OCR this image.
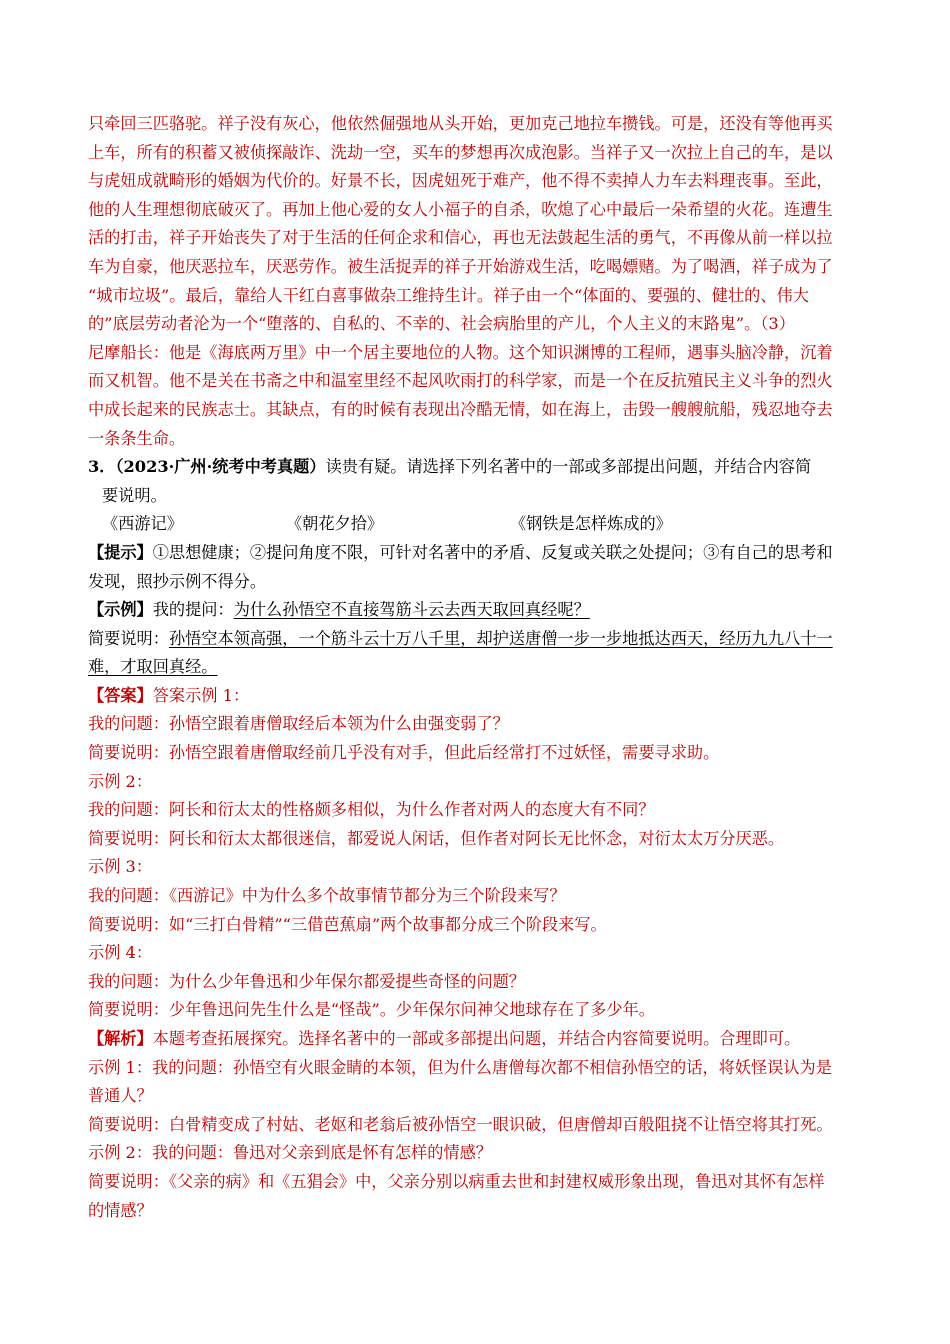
只牵回三匹骆驼。祥子没有灰心，他依然倔强地从头开始，更加克己地拉车攒钱。可是，还没有等他再买
上车，所有的积蓄又被侦探敲诈、洗劫一空，买车的梦想再次成泡影。当祥子又一次拉上自己的车，是以
与虎妞成就畸形的婚姻为代价的。好景不长，因虎妞死于难产，他不得不卖掉人力车去料理丧事。至此，
他的人生理想彻底破灭了。再加上他心爱的女人小福子的自杀，吹熄了心中最后一朵希望的火花。连遭生
活的打击，祥子开始丧失了对于生活的任何企求和信心，再也无法鼓起生活的勇气，不再像从前一样以拉
车为自豪，他厌恶拉车，厌恶劳作。被生活捉弄的祥子开始游戏生活，吃喝嫖赌。为了喝酒，祥子成为了
“城市垃圾”。最后，靠给人干红白喜事做杂工维持生计。祥子由一个“体面的、要强的、健壮的、伟大
的”底层劳动者沦为一个“堕落的、自私的、不幸的、社会病胎里的产儿，个人主义的末路鬼”。（3）
尼摩船长：他是《海底两万里》中一个居主要地位的人物。这个知识渊博的工程师，遇事头脑冷静，沉着
而又机智。他不是关在书斋之中和温室里经不起风吹雨打的科学家，而是一个在反抗殖民主义斗争的烈火
中成长起来的民族志士。其缺点，有的时候有表现出冷酷无情，如在海上，击毁一艘艘航船，残忍地夺去
一条条生命。
3．（2023·广州·统考中考真题）读贵有疑。请选择下列名著中的一部或多部提出问题，并结合内容简
要说明。
《西游记》	《朝花夕拾》	《钢铁是怎样炼成的》
【提示】①思想健康；②提问角度不限，可针对名著中的矛盾、反复或关联之处提问；③有自己的思考和
发现，照抄示例不得分。
【示例】我的提问：为什么孙悟空不直接驾筋斗云去西天取回真经呢？
简要说明：孙悟空本领高强，一个筋斗云十万八千里，却护送唐僧一步一步地抵达西天，经历九九八十一
难，才取回真经。
【答案】答案示例 1：
我的问题：孙悟空跟着唐僧取经后本领为什么由强变弱了？
简要说明：孙悟空跟着唐僧取经前几乎没有对手，但此后经常打不过妖怪，需要寻求助。
示例 2：
我的问题：阿长和衍太太的性格颇多相似，为什么作者对两人的态度大有不同？
简要说明：阿长和衍太太都很迷信，都爱说人闲话，但作者对阿长无比怀念，对衍太太万分厌恶。
示例 3：
我的问题：《西游记》中为什么多个故事情节都分为三个阶段来写？
简要说明：如“三打白骨精”“三借芭蕉扇”两个故事都分成三个阶段来写。
示例 4：
我的问题：为什么少年鲁迅和少年保尔都爱提些奇怪的问题？
简要说明：少年鲁迅问先生什么是“怪哉”。少年保尔问神父地球存在了多少年。
【解析】本题考查拓展探究。选择名著中的一部或多部提出问题，并结合内容简要说明。合理即可。
示例 1：我的问题：孙悟空有火眼金睛的本领，但为什么唐僧每次都不相信孙悟空的话，将妖怪误认为是
普通人？
简要说明：白骨精变成了村姑、老妪和老翁后被孙悟空一眼识破，但唐僧却百般阻挠不让悟空将其打死。
示例 2：我的问题：鲁迅对父亲到底是怀有怎样的情感？
简要说明：《父亲的病》和《五猖会》中，父亲分别以病重去世和封建权威形象出现，鲁迅对其怀有怎样
的情感？
